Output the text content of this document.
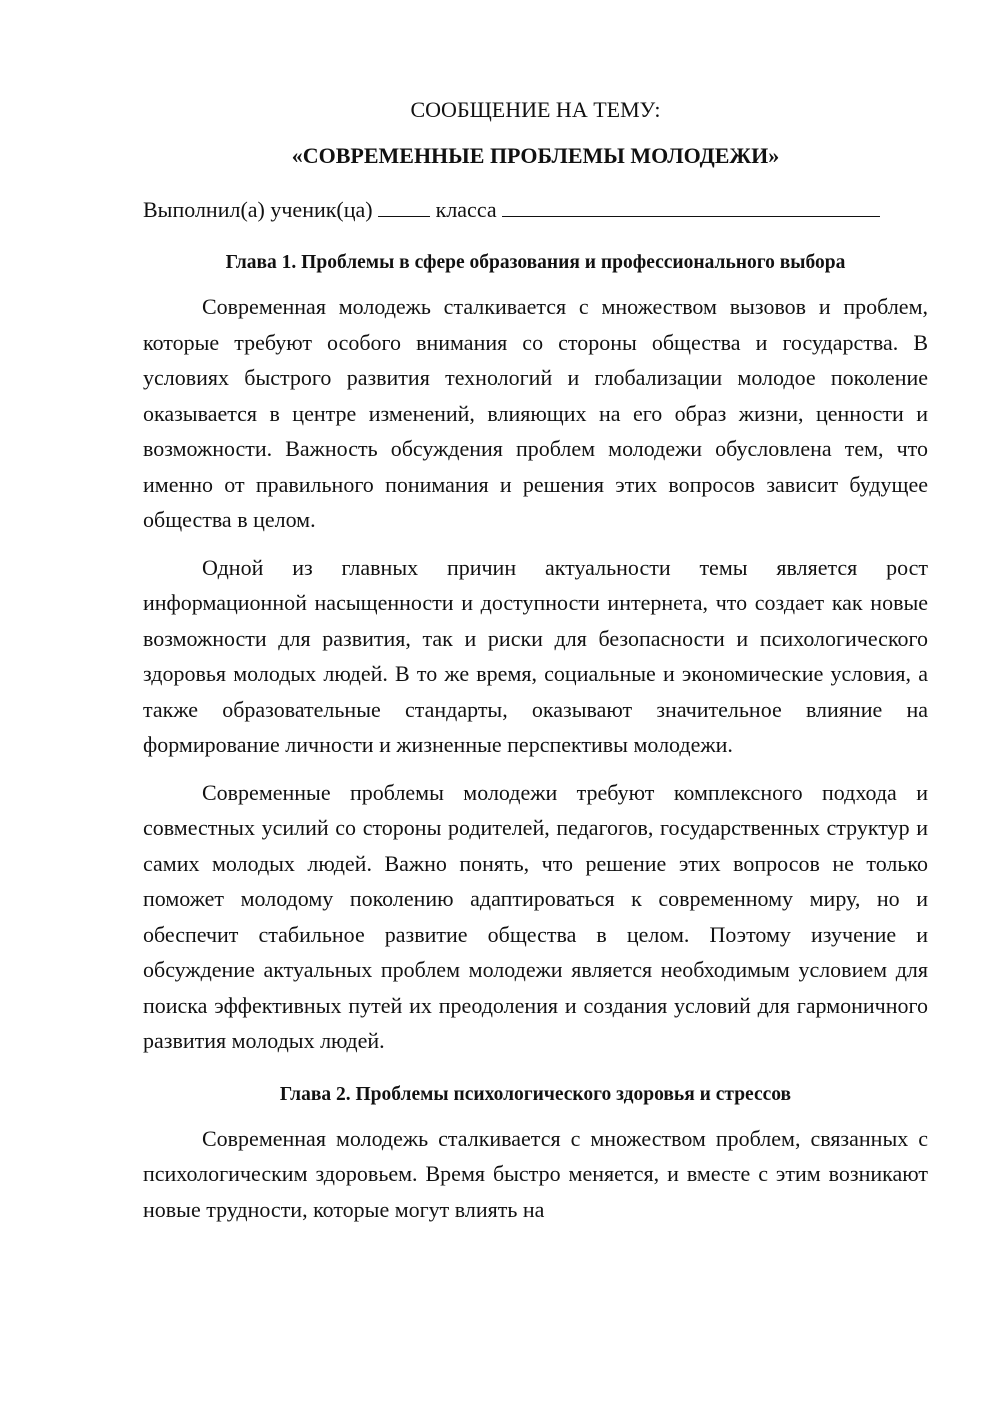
СООБЩЕНИЕ НА ТЕМУ:

«СОВРЕМЕННЫЕ ПРОБЛЕМЫ МОЛОДЕЖИ»

Выполнил(а) ученик(ца)	класса

Глава 1. Проблемы в сфере образования и профессионального выбора

Современная молодежь сталкивается с множеством вызовов и проблем, которые требуют особого внимания со стороны общества и государства. В условиях быстрого развития технологий и глобализации молодое поколение оказывается в центре изменений, влияющих на его образ жизни, ценности и возможности. Важность обсуждения проблем молодежи обусловлена тем, что именно от правильного понимания и решения этих вопросов зависит будущее общества в целом.

Одной из главных причин актуальности темы является рост информационной насыщенности и доступности интернета, что создает как новые возможности для развития, так и риски для безопасности и психологического здоровья молодых людей. В то же время, социальные и экономические условия, а также образовательные стандарты, оказывают значительное влияние на формирование личности и жизненные перспективы молодежи.

Современные проблемы молодежи требуют комплексного подхода и совместных усилий со стороны родителей, педагогов, государственных структур и самих молодых людей. Важно понять, что решение этих вопросов не только поможет молодому поколению адаптироваться к современному миру, но и обеспечит стабильное развитие общества в целом. Поэтому изучение и обсуждение актуальных проблем молодежи является необходимым условием для поиска эффективных путей их преодоления и создания условий для гармоничного развития молодых людей.

Глава 2. Проблемы психологического здоровья и стрессов

Современная молодежь сталкивается с множеством проблем, связанных с психологическим здоровьем. Время быстро меняется, и вместе с этим возникают новые трудности, которые могут влиять на
